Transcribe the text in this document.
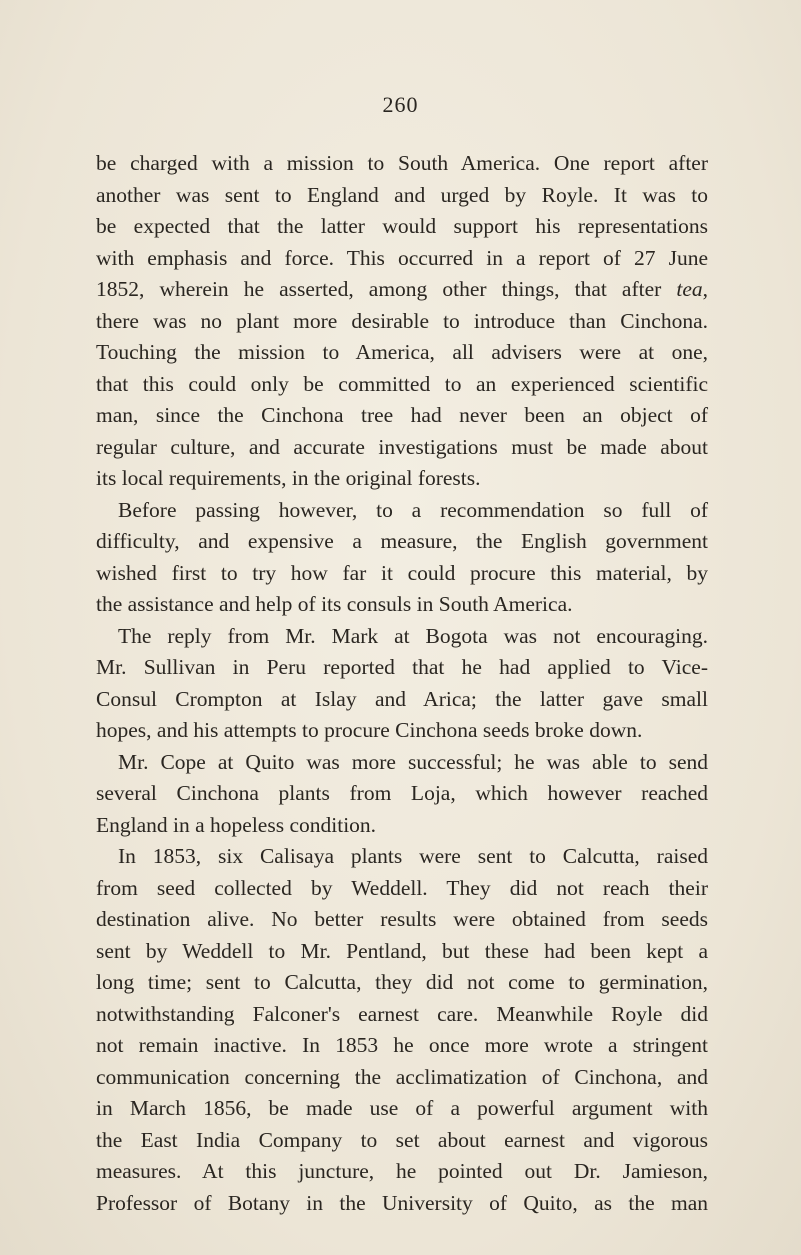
260
be charged with a mission to South America. One report after
another was sent to England and urged by Royle. It was to
be expected that the latter would support his representations
with emphasis and force. This occurred in a report of 27 June
1852, wherein he asserted, among other things, that after tea,
there was no plant more desirable to introduce than Cinchona.
Touching the mission to America, all advisers were at one,
that this could only be committed to an experienced scientific
man, since the Cinchona tree had never been an object of
regular culture, and accurate investigations must be made about
its local requirements, in the original forests.
Before passing however, to a recommendation so full of
difficulty, and expensive a measure, the English government
wished first to try how far it could procure this material, by
the assistance and help of its consuls in South America.
The reply from Mr. Mark at Bogota was not encouraging.
Mr. Sullivan in Peru reported that he had applied to Vice-
Consul Crompton at Islay and Arica; the latter gave small
hopes, and his attempts to procure Cinchona seeds broke down.
Mr. Cope at Quito was more successful; he was able to send
several Cinchona plants from Loja, which however reached
England in a hopeless condition.
In 1853, six Calisaya plants were sent to Calcutta, raised
from seed collected by Weddell. They did not reach their
destination alive. No better results were obtained from seeds
sent by Weddell to Mr. Pentland, but these had been kept a
long time; sent to Calcutta, they did not come to germination,
notwithstanding Falconer's earnest care. Meanwhile Royle did
not remain inactive. In 1853 he once more wrote a stringent
communication concerning the acclimatization of Cinchona, and
in March 1856, be made use of a powerful argument with
the East India Company to set about earnest and vigorous
measures. At this juncture, he pointed out Dr. Jamieson,
Professor of Botany in the University of Quito, as the man
